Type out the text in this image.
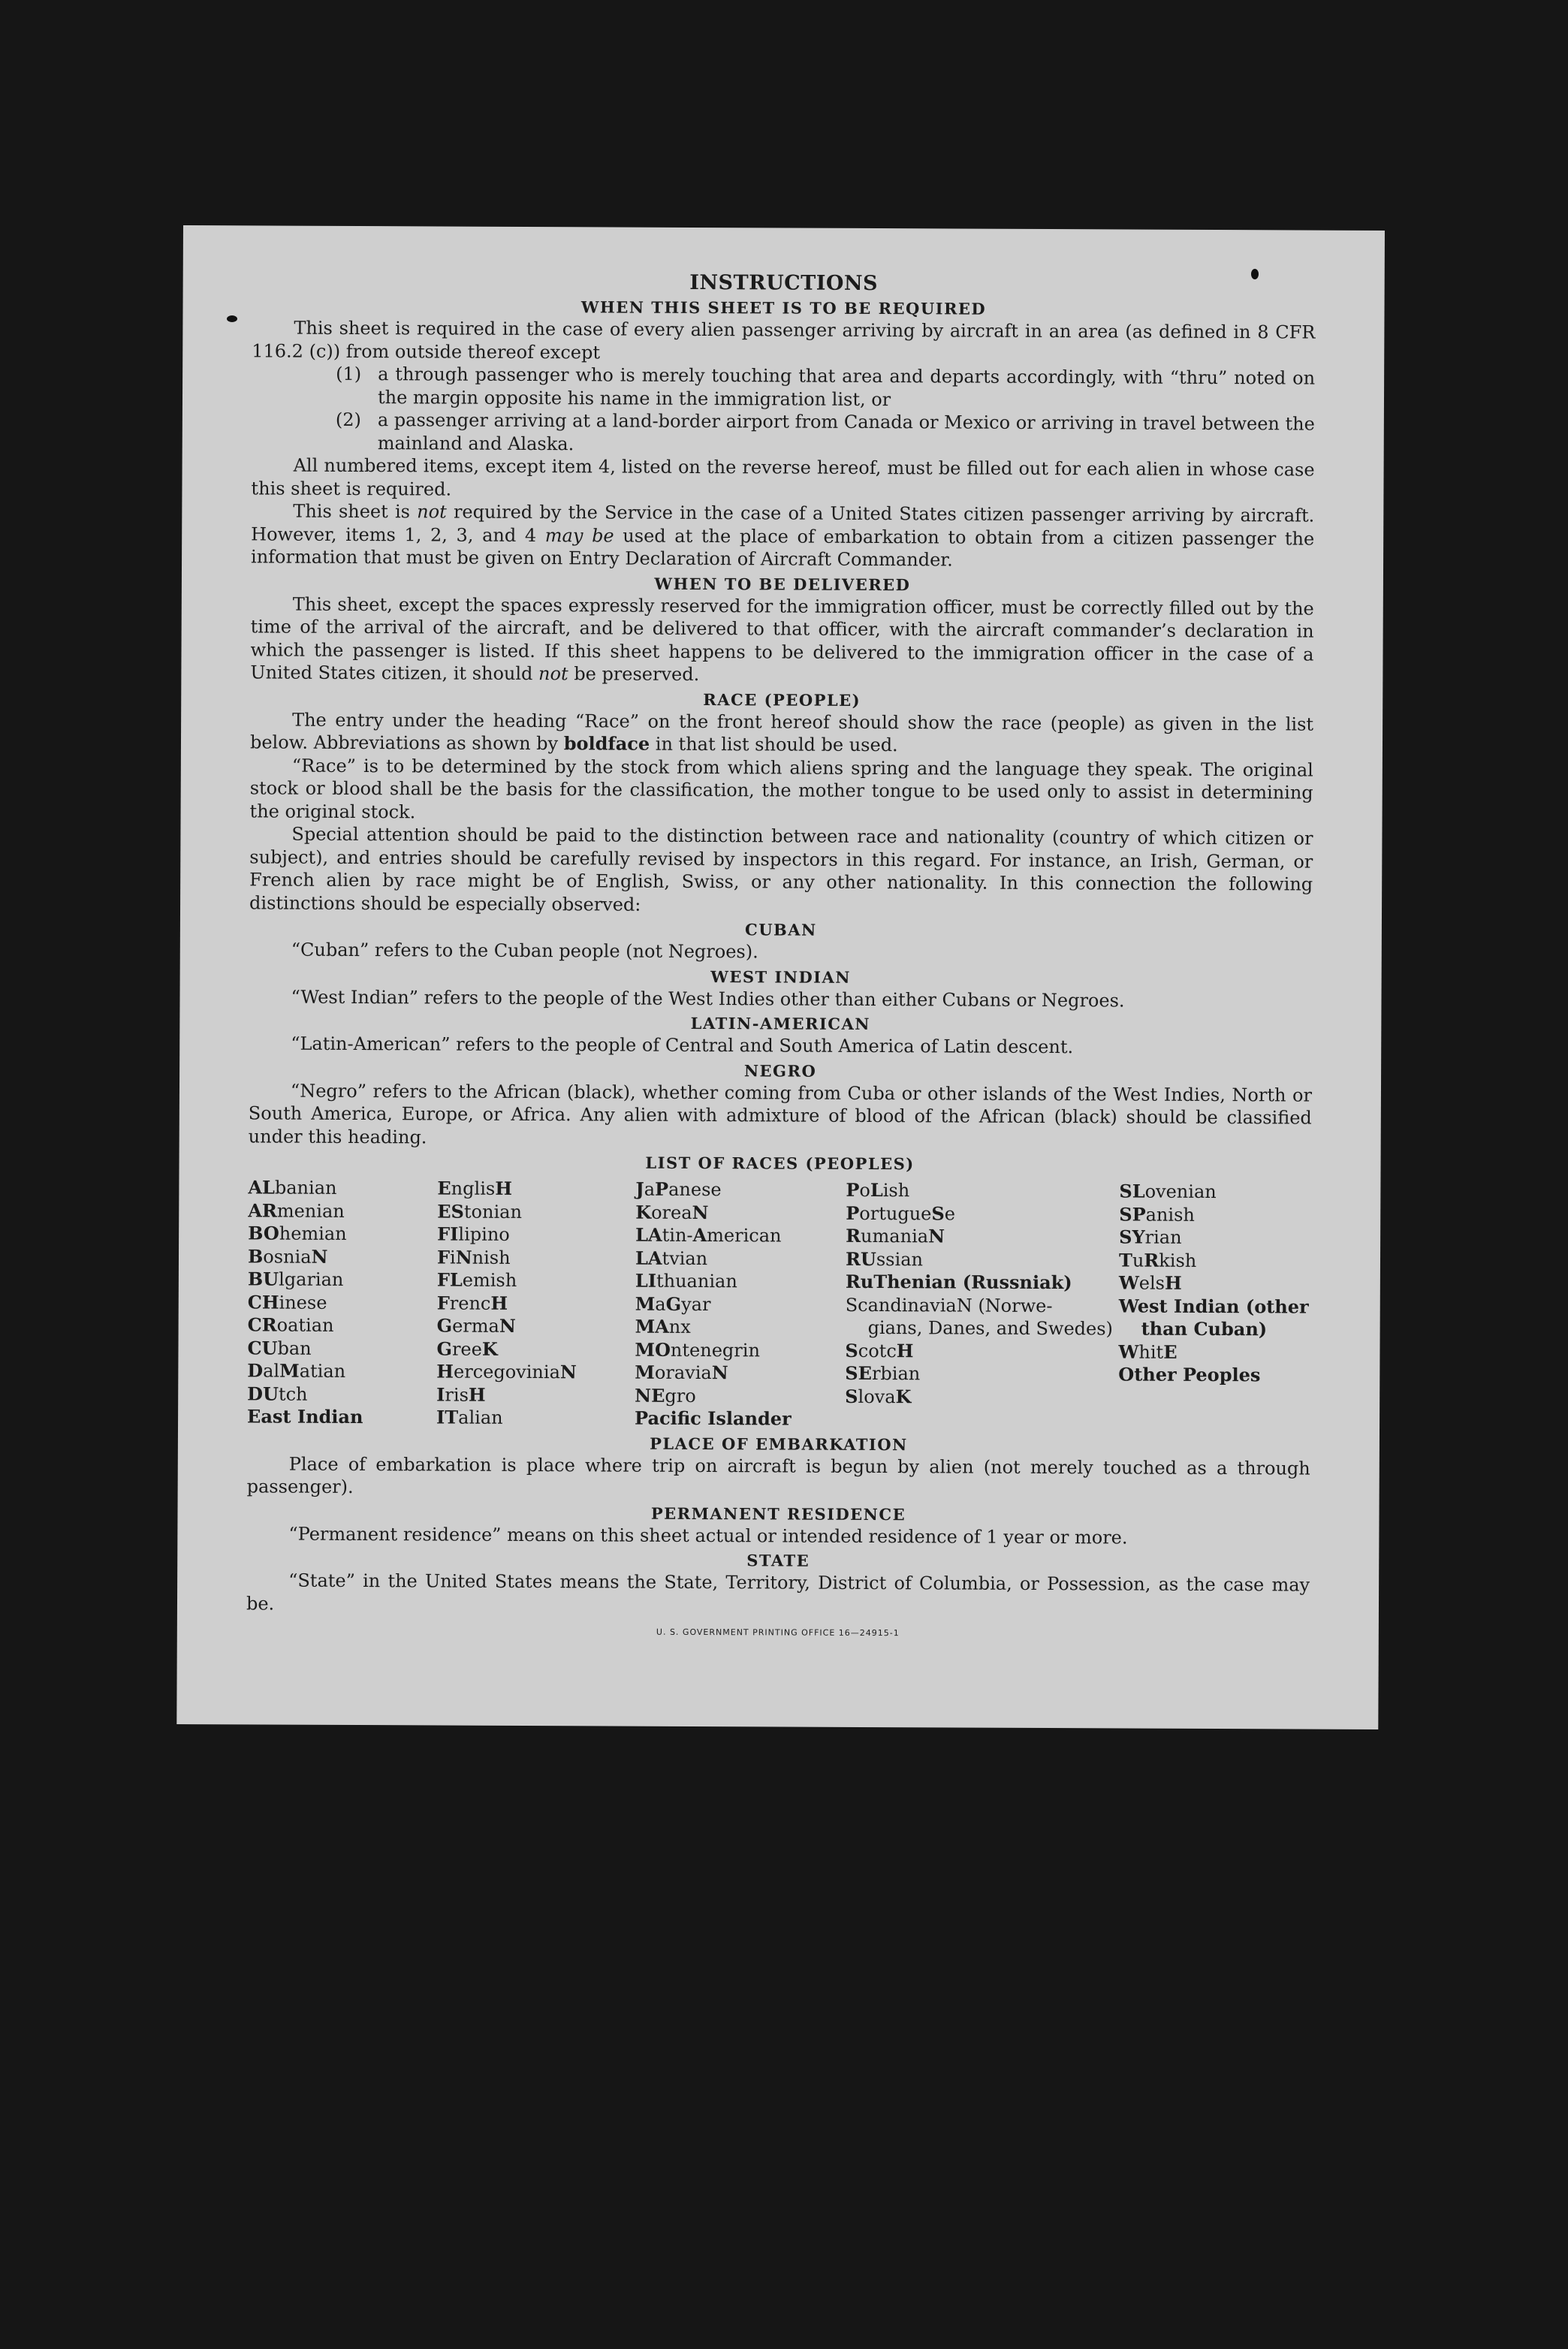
INSTRUCTIONS
WHEN THIS SHEET IS TO BE REQUIRED

This sheet is required in the case of every alien passenger arriving by aircraft in an area (as defined in 8 CFR 116.2 (c)) from outside thereof except

(1) a through passenger who is merely touching that area and departs accordingly, with “thru” noted on the margin opposite his name in the immigration list, or
(2) a passenger arriving at a land-border airport from Canada or Mexico or arriving in travel between the mainland and Alaska.

All numbered items, except item 4, listed on the reverse hereof, must be filled out for each alien in whose case this sheet is required.

This sheet is not required by the Service in the case of a United States citizen passenger arriving by aircraft. However, items 1, 2, 3, and 4 may be used at the place of embarkation to obtain from a citizen passenger the information that must be given on Entry Declaration of Aircraft Commander.

WHEN TO BE DELIVERED

This sheet, except the spaces expressly reserved for the immigration officer, must be correctly filled out by the time of the arrival of the aircraft, and be delivered to that officer, with the aircraft commander’s declaration in which the passenger is listed. If this sheet happens to be delivered to the immigration officer in the case of a United States citizen, it should not be preserved.

RACE (PEOPLE)

The entry under the heading “Race” on the front hereof should show the race (people) as given in the list below. Abbreviations as shown by boldface in that list should be used.

“Race” is to be determined by the stock from which aliens spring and the language they speak. The original stock or blood shall be the basis for the classification, the mother tongue to be used only to assist in determining the original stock.

Special attention should be paid to the distinction between race and nationality (country of which citizen or subject), and entries should be carefully revised by inspectors in this regard. For instance, an Irish, German, or French alien by race might be of English, Swiss, or any other nationality. In this connection the following distinctions should be especially observed:

CUBAN

“Cuban” refers to the Cuban people (not Negroes).

WEST INDIAN

“West Indian” refers to the people of the West Indies other than either Cubans or Negroes.

LATIN-AMERICAN

“Latin-American” refers to the people of Central and South America of Latin descent.

NEGRO

“Negro” refers to the African (black), whether coming from Cuba or other islands of the West Indies, North or South America, Europe, or Africa. Any alien with admixture of blood of the African (black) should be classified under this heading.

LIST OF RACES (PEOPLES)
ALbanian
ARmenian
BOhemian
BosniaN
BUlgarian
CHinese
CRoatian
CUban
DalMatian
DUtch
East Indian
EnglisH
EStonian
FIlipino
FiNnish
FLemish
FrencH
GermaN
GreeK
HercegoviniaN
IrisH
ITalian
JaPanese
KoreaN
LAtin-American
LAtvian
LIthuanian
MaGyar
MAnx
MOntenegrin
MoraviaN
NEgro
Pacific Islander
PoLish
PortugueSe
RumaniaN
RUssian
RuThenian (Russniak)
ScandinaviaN (Norwe-
gians, Danes, and Swedes)
ScotcH
SErbian
SlovaK
SLovenian
SPanish
SYrian
TuRkish
WelsH
West Indian (other
than Cuban)
WhitE
Other Peoples
PLACE OF EMBARKATION

Place of embarkation is place where trip on aircraft is begun by alien (not merely touched as a through passenger).

PERMANENT RESIDENCE

“Permanent residence” means on this sheet actual or intended residence of 1 year or more.

STATE

“State” in the United States means the State, Territory, District of Columbia, or Possession, as the case may be.

U. S. GOVERNMENT PRINTING OFFICE 16—24915-1
